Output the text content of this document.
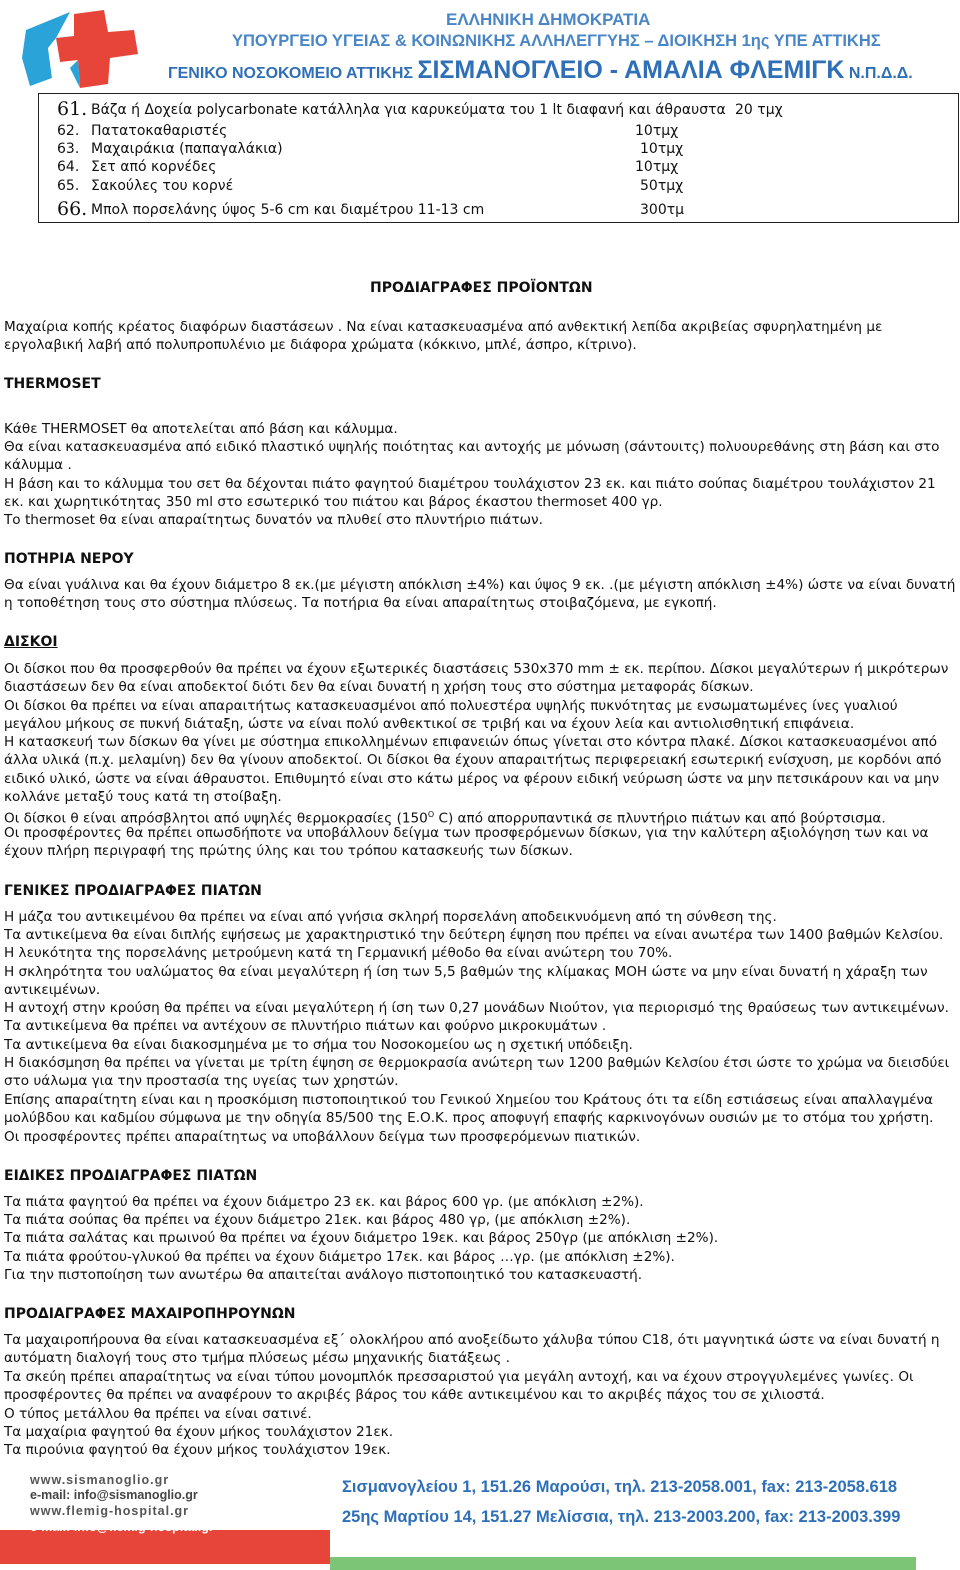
ΕΛΛΗΝΙΚΗ ΔΗΜΟΚΡΑΤΙΑ
ΥΠΟΥΡΓΕΙΟ ΥΓΕΙΑΣ & ΚΟΙΝΩΝΙΚΗΣ ΑΛΛΗΛΕΓΓΥΗΣ – ΔΙΟΙΚΗΣΗ 1ης ΥΠΕ ΑΤΤΙΚΗΣ
ΓΕΝΙΚΟ ΝΟΣΟΚΟΜΕΙΟ ΑΤΤΙΚΗΣ ΣΙΣΜΑΝΟΓΛΕΙΟ - ΑΜΑΛΙΑ ΦΛΕΜΙΓΚ Ν.Π.Δ.Δ.
61. Βάζα ή Δοχεία polycarbonate κατάλληλα για καρυκεύματα του 1 lt διαφανή και άθραυστα 20 τμχ
62. Πατατοκαθαριστές	10τμχ
63. Μαχαιράκια (παπαγαλάκια)	10τμχ
64. Σετ από κορνέδες	10τμχ
65. Σακούλες του κορνέ	50τμχ
66. Μπολ πορσελάνης ύψος 5-6 cm και διαμέτρου 11-13 cm	300τμ
ΠΡΟΔΙΑΓΡΑΦΕΣ ΠΡΟΪΟΝΤΩΝ

Μαχαίρια κοπής κρέατος διαφόρων διαστάσεων . Να είναι κατασκευασμένα από ανθεκτική λεπίδα ακριβείας σφυρηλατημένη με εργολαβική λαβή από πολυπροπυλένιο με διάφορα χρώματα (κόκκινο, μπλέ, άσπρο, κίτρινο).

THERMOSET

Κάθε THERMOSET θα αποτελείται από βάση και κάλυμμα.

Θα είναι κατασκευασμένα από ειδικό πλαστικό υψηλής ποιότητας και αντοχής με μόνωση (σάντουιτς) πολυουρεθάνης στη βάση και στο κάλυμμα .

Η βάση και το κάλυμμα του σετ θα δέχονται πιάτο φαγητού διαμέτρου τουλάχιστον 23 εκ. και πιάτο σούπας διαμέτρου τουλάχιστον 21 εκ. και χωρητικότητας 350 ml στο εσωτερικό του πιάτου και βάρος έκαστου thermoset 400 γρ.

Το thermoset θα είναι απαραίτητως δυνατόν να πλυθεί στο πλυντήριο πιάτων.

ΠΟΤΗΡΙΑ ΝΕΡΟΥ

Θα είναι γυάλινα και θα έχουν διάμετρο 8 εκ.(με μέγιστη απόκλιση ±4%) και ύψος 9 εκ. .(με μέγιστη απόκλιση ±4%) ώστε να είναι δυνατή η τοποθέτηση τους στο σύστημα πλύσεως. Τα ποτήρια θα είναι απαραίτητως στοιβαζόμενα, με εγκοπή.

ΔΙΣΚΟΙ

Οι δίσκοι που θα προσφερθούν θα πρέπει να έχουν εξωτερικές διαστάσεις 530x370 mm ± εκ. περίπου. Δίσκοι μεγαλύτερων ή μικρότερων διαστάσεων δεν θα είναι αποδεκτοί διότι δεν θα είναι δυνατή η χρήση τους στο σύστημα μεταφοράς δίσκων.

Οι δίσκοι θα πρέπει να είναι απαραιτήτως κατασκευασμένοι από πολυεστέρα υψηλής πυκνότητας με ενσωματωμένες ίνες γυαλιού μεγάλου μήκους σε πυκνή διάταξη, ώστε να είναι πολύ ανθεκτικοί σε τριβή και να έχουν λεία και αντιολισθητική επιφάνεια.

Η κατασκευή των δίσκων θα γίνει με σύστημα επικολλημένων επιφανειών όπως γίνεται στο κόντρα πλακέ. Δίσκοι κατασκευασμένοι από άλλα υλικά (π.χ. μελαμίνη) δεν θα γίνουν αποδεκτοί. Οι δίσκοι θα έχουν απαραιτήτως περιφερειακή εσωτερική ενίσχυση, με κορδόνι από ειδικό υλικό, ώστε να είναι άθραυστοι. Επιθυμητό είναι στο κάτω μέρος να φέρουν ειδική νεύρωση ώστε να μην πετσικάρουν και να μην κολλάνε μεταξύ τους κατά τη στοίβαξη.

Οι δίσκοι θ είναι απρόσβλητοι από υψηλές θερμοκρασίες ($150^O$ C) από απορρυπαντικά σε πλυντήριο πιάτων και από βούρτσισμα.

Οι προσφέροντες θα πρέπει οπωσδήποτε να υποβάλλουν δείγμα των προσφερόμενων δίσκων, για την καλύτερη αξιολόγηση των και να έχουν πλήρη περιγραφή της πρώτης ύλης και του τρόπου κατασκευής των δίσκων.

ΓΕΝΙΚΕΣ ΠΡΟΔΙΑΓΡΑΦΕΣ ΠΙΑΤΩΝ

Η μάζα του αντικειμένου θα πρέπει να είναι από γνήσια σκληρή πορσελάνη αποδεικνυόμενη από τη σύνθεση της.

Τα αντικείμενα θα είναι διπλής εψήσεως με χαρακτηριστικό την δεύτερη έψηση που πρέπει να είναι ανωτέρα των 1400 βαθμών Κελσίου.

Η λευκότητα της πορσελάνης μετρούμενη κατά τη Γερμανική μέθοδο θα είναι ανώτερη του 70%.

Η σκληρότητα του υαλώματος θα είναι μεγαλύτερη ή ίση των 5,5 βαθμών της κλίμακας ΜΟΗ ώστε να μην είναι δυνατή η χάραξη των αντικειμένων.

Η αντοχή στην κρούση θα πρέπει να είναι μεγαλύτερη ή ίση των 0,27 μονάδων Νιούτον, για περιορισμό της θραύσεως των αντικειμένων.

Τα αντικείμενα θα πρέπει να αντέχουν σε πλυντήριο πιάτων και φούρνο μικροκυμάτων .

Τα αντικείμενα θα είναι διακοσμημένα με το σήμα του Νοσοκομείου ως η σχετική υπόδειξη.

Η διακόσμηση θα πρέπει να γίνεται με τρίτη έψηση σε θερμοκρασία ανώτερη των 1200 βαθμών Κελσίου έτσι ώστε το χρώμα να διεισδύει στο υάλωμα για την προστασία της υγείας των χρηστών.

Επίσης απαραίτητη είναι και η προσκόμιση πιστοποιητικού του Γενικού Χημείου του Κράτους ότι τα είδη εστιάσεως είναι απαλλαγμένα μολύβδου και καδμίου σύμφωνα με την οδηγία 85/500 της Ε.Ο.Κ. προς αποφυγή επαφής καρκινογόνων ουσιών με το στόμα του χρήστη.

Οι προσφέροντες πρέπει απαραίτητως να υποβάλλουν δείγμα των προσφερόμενων πιατικών.

ΕΙΔΙΚΕΣ ΠΡΟΔΙΑΓΡΑΦΕΣ ΠΙΑΤΩΝ

Τα πιάτα φαγητού θα πρέπει να έχουν διάμετρο 23 εκ. και βάρος 600 γρ. (με απόκλιση ±2%).

Τα πιάτα σούπας θα πρέπει να έχουν διάμετρο 21εκ. και βάρος 480 γρ, (με απόκλιση ±2%).

Τα πιάτα σαλάτας και πρωινού θα πρέπει να έχουν διάμετρο 19εκ. και βάρος 250γρ (με απόκλιση ±2%).

Τα πιάτα φρούτου-γλυκού θα πρέπει να έχουν διάμετρο 17εκ. και βάρος …γρ. (με απόκλιση ±2%).

Για την πιστοποίηση των ανωτέρω θα απαιτείται ανάλογο πιστοποιητικό του κατασκευαστή.

ΠΡΟΔΙΑΓΡΑΦΕΣ ΜΑΧΑΙΡΟΠΗΡΟΥΝΩΝ

Τα μαχαιροπήρουνα θα είναι κατασκευασμένα εξ΄ ολοκλήρου από ανοξείδωτο χάλυβα τύπου C18, ότι μαγνητικά ώστε να είναι δυνατή η αυτόματη διαλογή τους στο τμήμα πλύσεως μέσω μηχανικής διατάξεως .

Τα σκεύη πρέπει απαραίτητως να είναι τύπου μονομπλόκ πρεσσαριστού για μεγάλη αντοχή, και να έχουν στρογγυλεμένες γωνίες. Οι προσφέροντες θα πρέπει να αναφέρουν το ακριβές βάρος του κάθε αντικειμένου και το ακριβές πάχος του σε χιλιοστά.

Ο τύπος μετάλλου θα πρέπει να είναι σατινέ.

Τα μαχαίρια φαγητού θα έχουν μήκος τουλάχιστον 21εκ.

Τα πιρούνια φαγητού θα έχουν μήκος τουλάχιστον 19εκ.

www.sismanoglio.gr
e-mail: info@sismanoglio.gr
www.flemig-hospital.gr
e-mail: info@flemig-hospital.gr
Σισμανογλείου 1, 151.26 Μαρούσι, τηλ. 213-2058.001, fax: 213-2058.618
25ης Μαρτίου 14, 151.27 Μελίσσια, τηλ. 213-2003.200, fax: 213-2003.399
